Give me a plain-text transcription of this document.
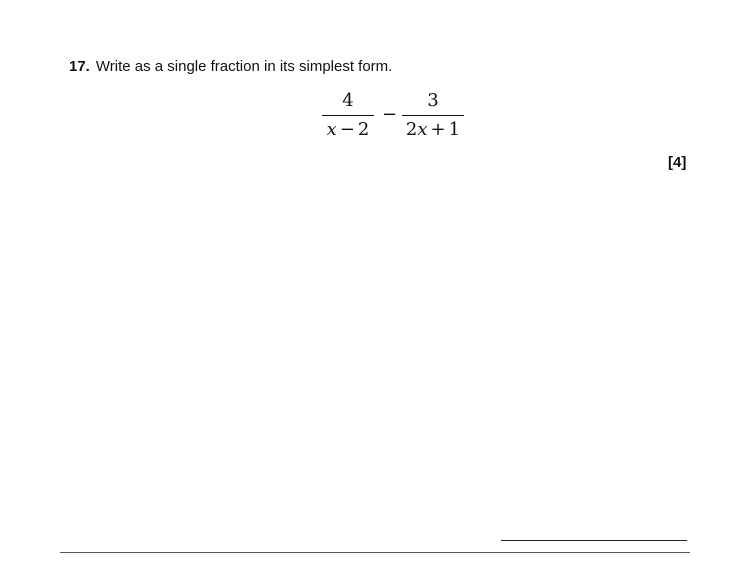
17. Write as a single fraction in its simplest form.
4
x − 2
−
3
2x + 1
[4]
